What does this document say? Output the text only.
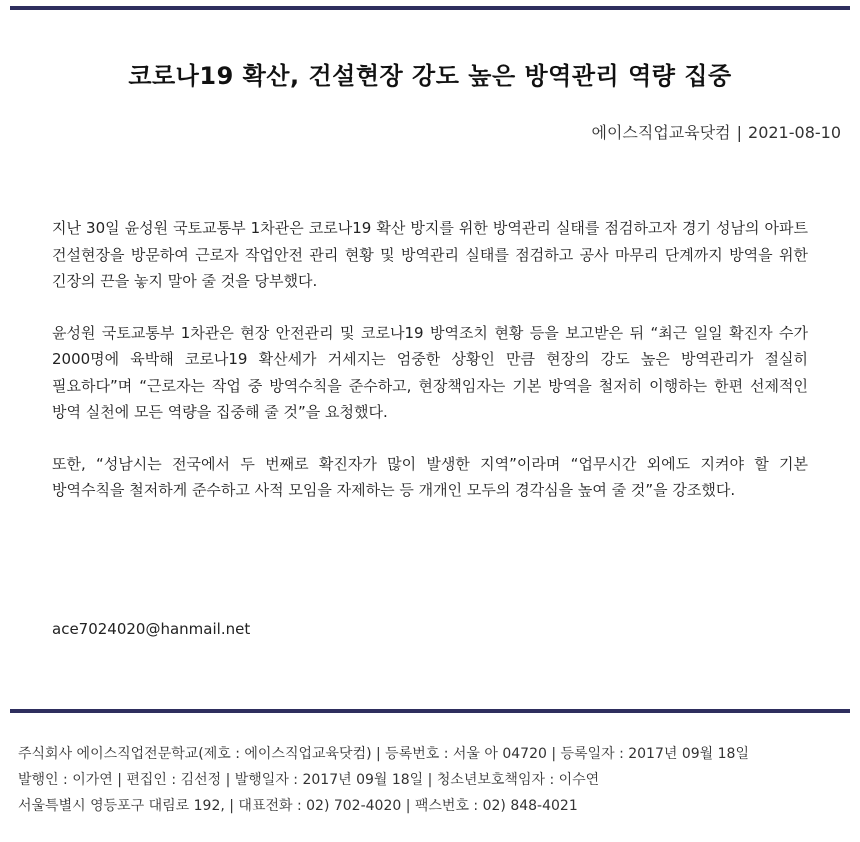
코로나19 확산, 건설현장 강도 높은 방역관리 역량 집중
에이스직업교육닷컴 | 2021-08-10

지난 30일 윤성원 국토교통부 1차관은 코로나19 확산 방지를 위한 방역관리 실태를 점검하고자 경기 성남의 아파트 건설현장을 방문하여 근로자 작업안전 관리 현황 및 방역관리 실태를 점검하고 공사 마무리 단계까지 방역을 위한 긴장의 끈을 놓지 말아 줄 것을 당부했다.

윤성원 국토교통부 1차관은 현장 안전관리 및 코로나19 방역조치 현황 등을 보고받은 뒤 “최근 일일 확진자 수가 2000명에 육박해 코로나19 확산세가 거세지는 엄중한 상황인 만큼 현장의 강도 높은 방역관리가 절실히 필요하다”며 “근로자는 작업 중 방역수칙을 준수하고, 현장책임자는 기본 방역을 철저히 이행하는 한편 선제적인 방역 실천에 모든 역량을 집중해 줄 것”을 요청했다.

또한, “성남시는 전국에서 두 번째로 확진자가 많이 발생한 지역”이라며 “업무시간 외에도 지켜야 할 기본 방역수칙을 철저하게 준수하고 사적 모임을 자제하는 등 개개인 모두의 경각심을 높여 줄 것”을 강조했다.

ace7024020@hanmail.net
주식회사 에이스직업전문학교(제호 : 에이스직업교육닷컴) | 등록번호 : 서울 아 04720 | 등록일자 : 2017년 09월 18일
발행인 : 이가연 | 편집인 : 김선정 | 발행일자 : 2017년 09월 18일 | 청소년보호책임자 : 이수연
서울특별시 영등포구 대림로 192, | 대표전화 : 02) 702-4020 | 팩스번호 : 02) 848-4021
